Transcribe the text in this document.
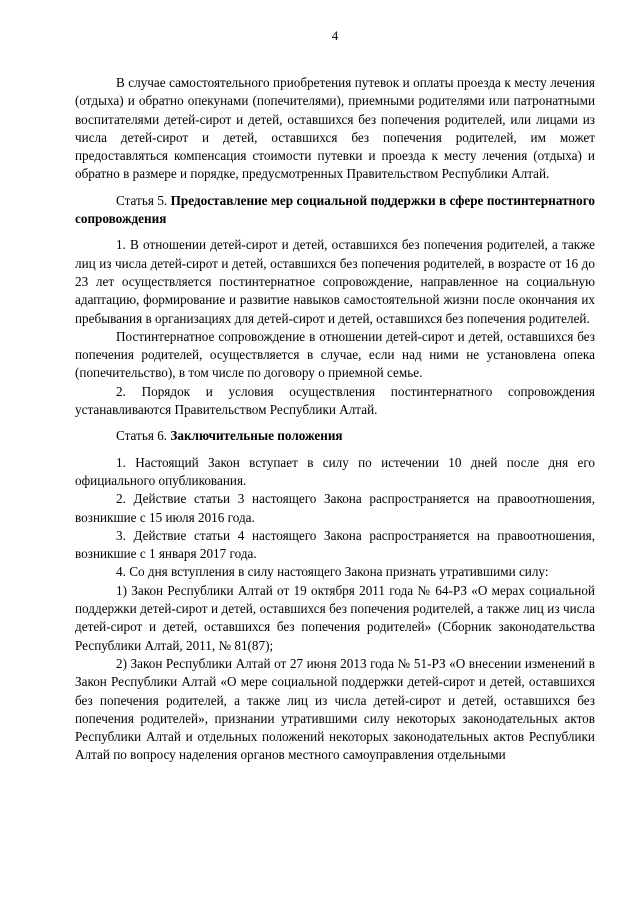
4

В случае самостоятельного приобретения путевок и оплаты проезда к месту лечения (отдыха) и обратно опекунами (попечителями), приемными родителями или патронатными воспитателями детей-сирот и детей, оставшихся без попечения родителей, или лицами из числа детей-сирот и детей, оставшихся без попечения родителей, им может предоставляться компенсация стоимости путевки и проезда к месту лечения (отдыха) и обратно в размере и порядке, предусмотренных Правительством Республики Алтай.

Статья 5. Предоставление мер социальной поддержки в сфере постинтернатного сопровождения

1. В отношении детей-сирот и детей, оставшихся без попечения родителей, а также лиц из числа детей-сирот и детей, оставшихся без попечения родителей, в возрасте от 16 до 23 лет осуществляется постинтернатное сопровождение, направленное на социальную адаптацию, формирование и развитие навыков самостоятельной жизни после окончания их пребывания в организациях для детей-сирот и детей, оставшихся без попечения родителей.

Постинтернатное сопровождение в отношении детей-сирот и детей, оставшихся без попечения родителей, осуществляется в случае, если над ними не установлена опека (попечительство), в том числе по договору о приемной семье.

2. Порядок и условия осуществления постинтернатного сопровождения устанавливаются Правительством Республики Алтай.

Статья 6. Заключительные положения

1. Настоящий Закон вступает в силу по истечении 10 дней после дня его официального опубликования.

2. Действие статьи 3 настоящего Закона распространяется на правоотношения, возникшие с 15 июля 2016 года.

3. Действие статьи 4 настоящего Закона распространяется на правоотношения, возникшие с 1 января 2017 года.

4. Со дня вступления в силу настоящего Закона признать утратившими силу:

1) Закон Республики Алтай от 19 октября 2011 года № 64-РЗ «О мерах социальной поддержки детей-сирот и детей, оставшихся без попечения родителей, а также лиц из числа детей-сирот и детей, оставшихся без попечения родителей» (Сборник законодательства Республики Алтай, 2011, № 81(87);

2) Закон Республики Алтай от 27 июня 2013 года № 51-РЗ «О внесении изменений в Закон Республики Алтай «О мере социальной поддержки детей-сирот и детей, оставшихся без попечения родителей, а также лиц из числа детей-сирот и детей, оставшихся без попечения родителей», признании утратившими силу некоторых законодательных актов Республики Алтай и отдельных положений некоторых законодательных актов Республики Алтай по вопросу наделения органов местного самоуправления отдельными
